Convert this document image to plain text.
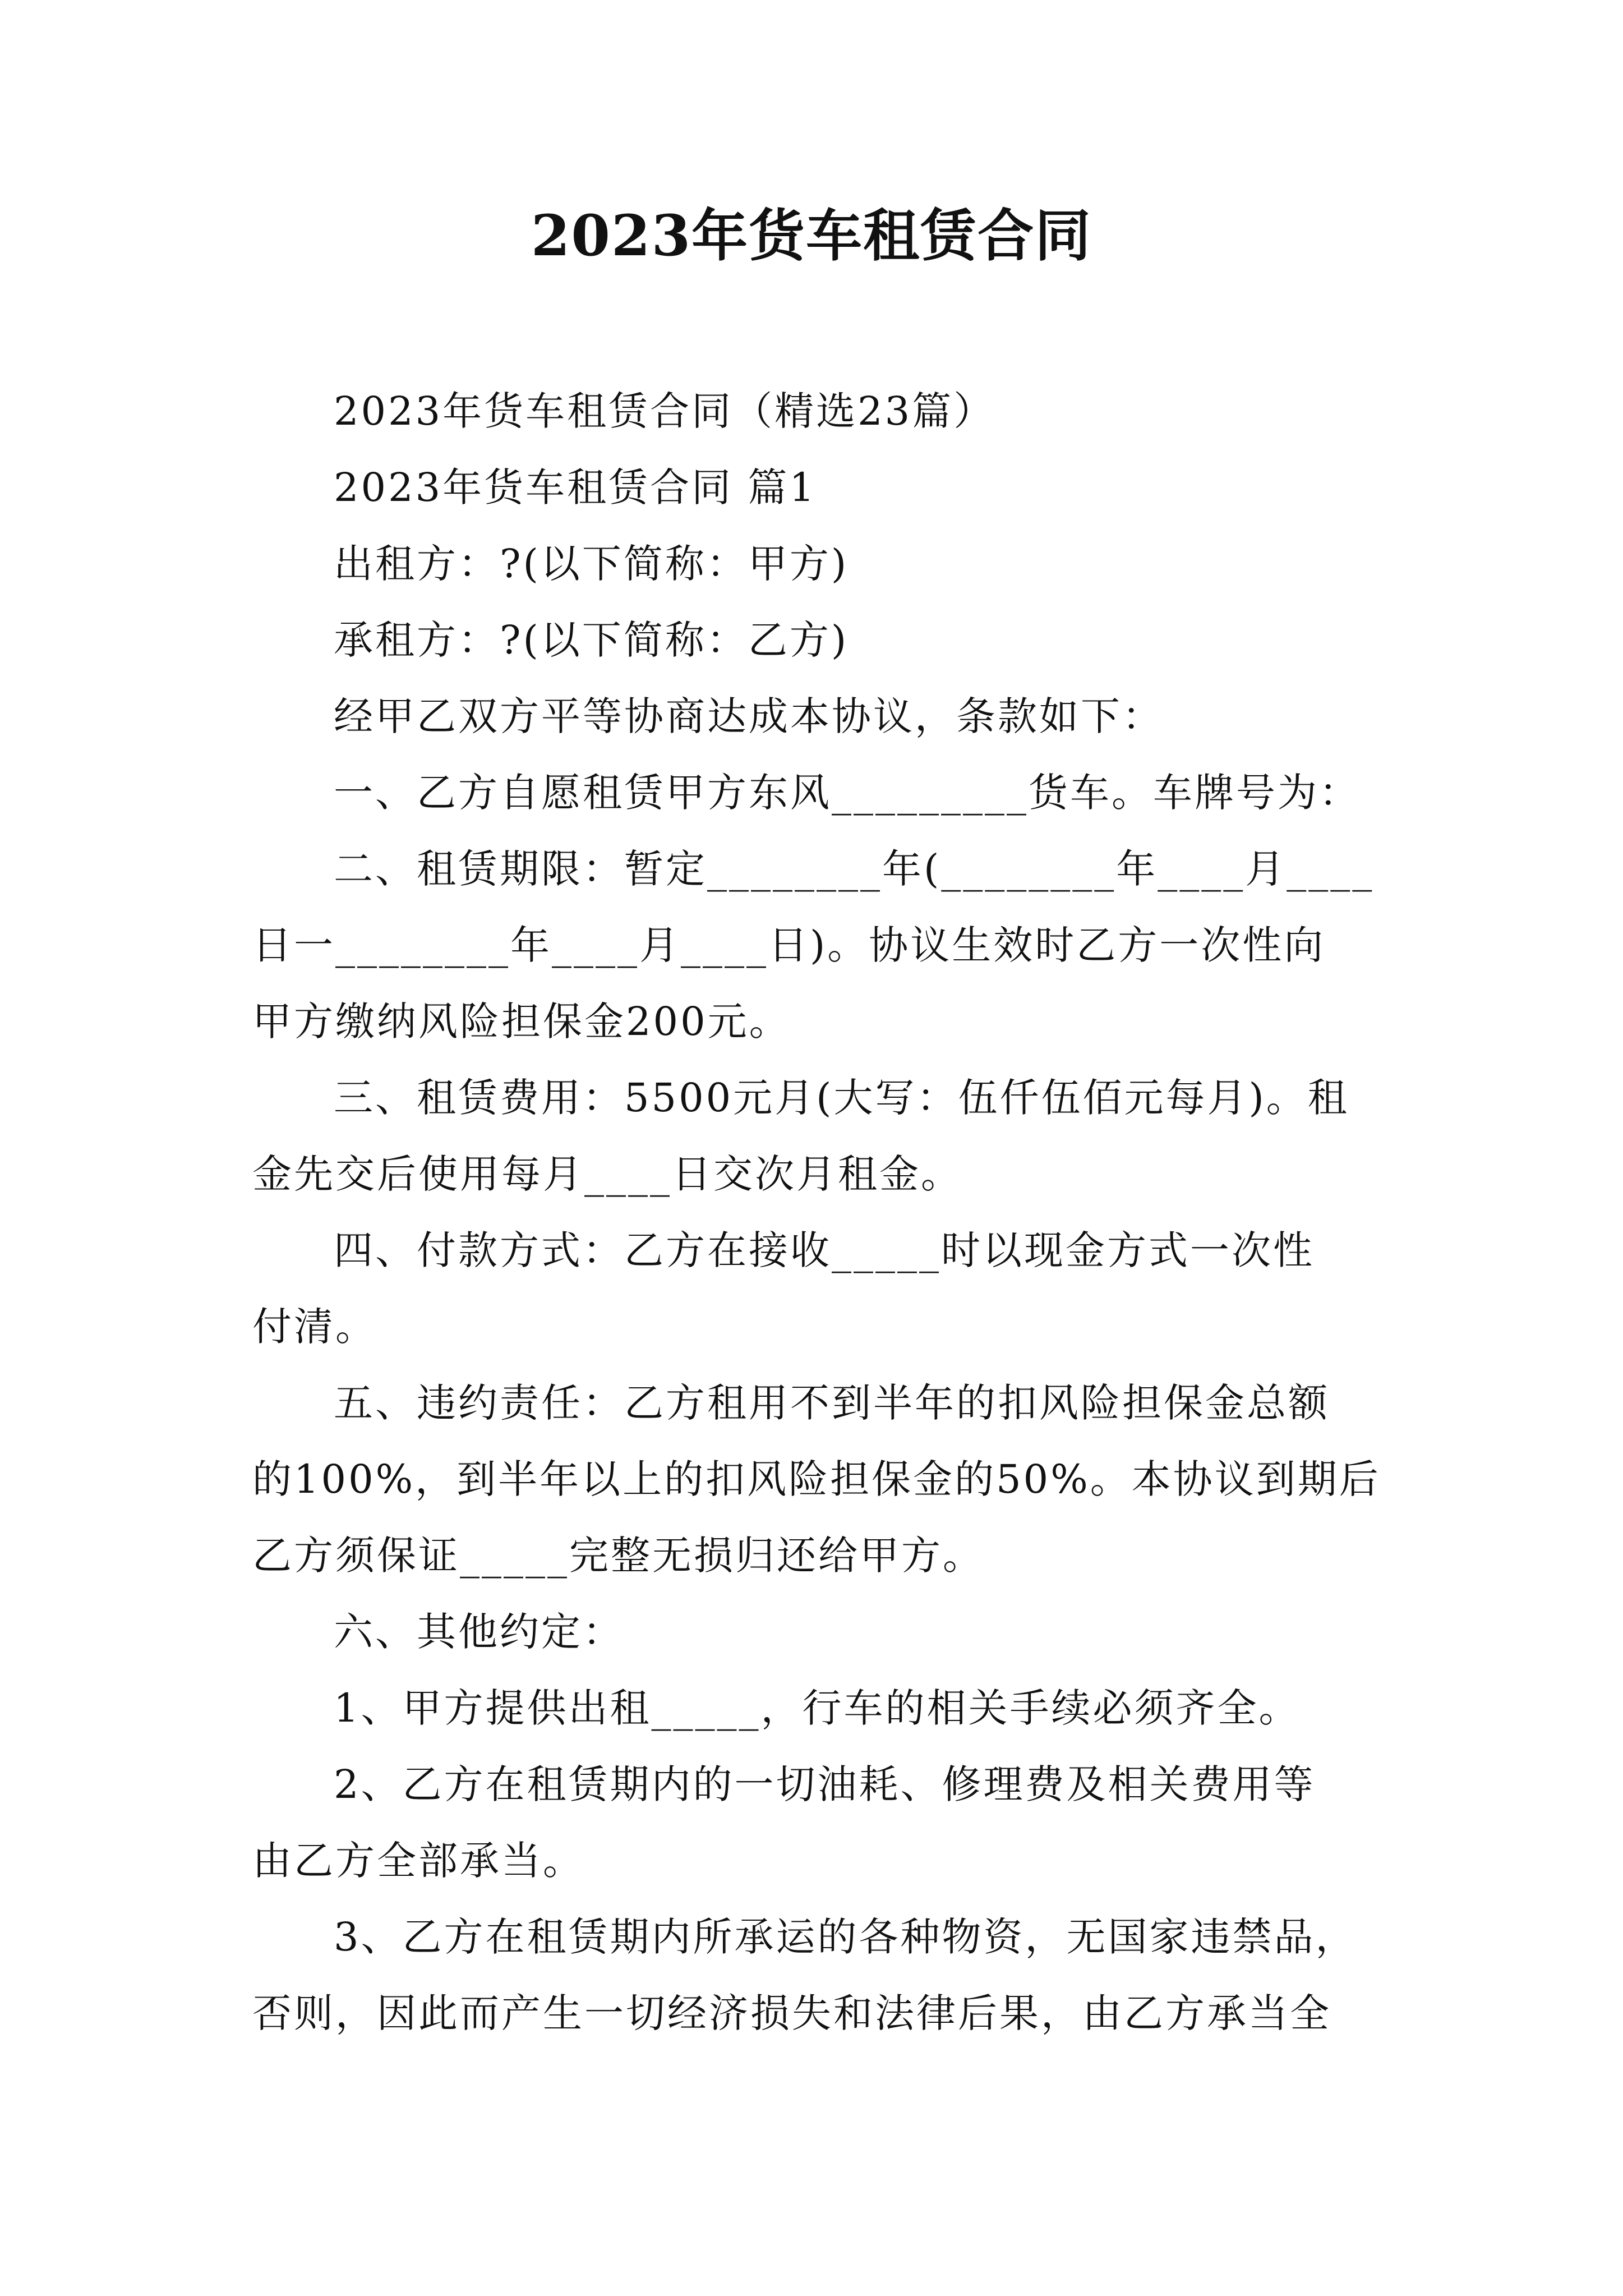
2023年货车租赁合同

2023年货车租赁合同（精选23篇）

2023年货车租赁合同 篇1

出租方：?(以下简称：甲方)

承租方：?(以下简称：乙方)

经甲乙双方平等协商达成本协议，条款如下：

一、乙方自愿租赁甲方东风_________货车。车牌号为：

二、租赁期限：暂定________年(________年____月____

日一________年____月____日)。协议生效时乙方一次性向

甲方缴纳风险担保金200元。

三、租赁费用：5500元月(大写：伍仟伍佰元每月)。租

金先交后使用每月____日交次月租金。

四、付款方式：乙方在接收_____时以现金方式一次性

付清。

五、违约责任：乙方租用不到半年的扣风险担保金总额

的100%，到半年以上的扣风险担保金的50%。本协议到期后

乙方须保证_____完整无损归还给甲方。

六、其他约定：

1、甲方提供出租_____，行车的相关手续必须齐全。

2、乙方在租赁期内的一切油耗、修理费及相关费用等

由乙方全部承当。

3、乙方在租赁期内所承运的各种物资，无国家违禁品，

否则，因此而产生一切经济损失和法律后果，由乙方承当全
